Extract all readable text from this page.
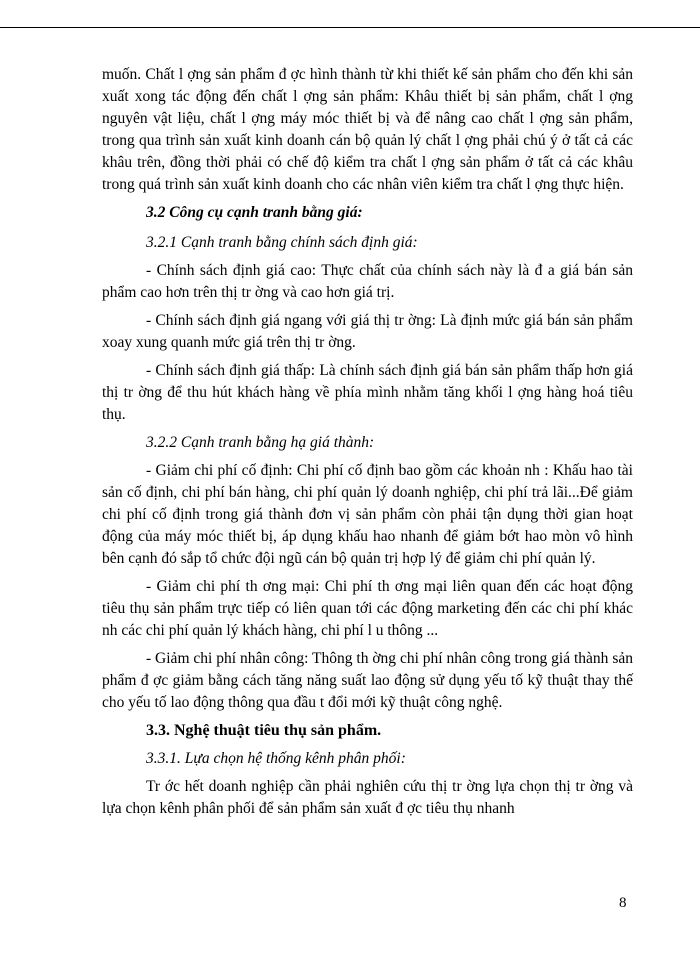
muốn. Chất l ợng sản phẩm đ ợc hình thành từ khi thiết kế sản phẩm cho đến khi sản xuất xong tác động đến chất l ợng sản phẩm: Khâu thiết bị sản phẩm, chất l ợng nguyên vật liệu, chất l ợng máy móc thiết bị và để nâng cao chất l ợng sản phẩm, trong qua trình sản xuất kinh doanh cán bộ quản lý chất l ợng phải chú ý ở tất cả các khâu trên, đồng thời phải có chế độ kiểm tra chất l ợng sản phẩm ở tất cả các khâu trong quá trình sản xuất kinh doanh cho các nhân viên kiểm tra chất l ợng thực hiện.

3.2 Công cụ cạnh tranh bằng giá:

3.2.1 Cạnh tranh bằng chính sách định giá:

- Chính sách định giá cao: Thực chất của chính sách này là đ a giá bán sản phẩm cao hơn trên thị tr ờng và cao hơn giá trị.

- Chính sách định giá ngang với giá thị tr ờng: Là định mức giá bán sản phẩm xoay xung quanh mức giá trên thị tr ờng.

- Chính sách định giá thấp: Là chính sách định giá bán sản phẩm thấp hơn giá thị tr ờng để thu hút khách hàng về phía mình nhằm tăng khối l ợng hàng hoá tiêu thụ.

3.2.2 Cạnh tranh bằng hạ giá thành:

- Giảm chi phí cố định: Chi phí cố định bao gồm các khoản nh : Khấu hao tài sản cố định, chi phí bán hàng, chi phí quản lý doanh nghiệp, chi phí trả lãi...Để giảm chi phí cố định trong giá thành đơn vị sản phẩm còn phải tận dụng thời gian hoạt động của máy móc thiết bị, áp dụng khấu hao nhanh để giảm bớt hao mòn vô hình bên cạnh đó sắp tổ chức đội ngũ cán bộ quản trị hợp lý để giảm chi phí quản lý.

- Giảm chi phí th ơng mại: Chi phí th ơng mại liên quan đến các hoạt động tiêu thụ sản phẩm trực tiếp có liên quan tới các động marketing đến các chi phí khác nh các chi phí quản lý khách hàng, chi phí l u thông ...

- Giảm chi phí nhân công: Thông th ờng chi phí nhân công trong giá thành sản phẩm đ ợc giảm bằng cách tăng năng suất lao động sử dụng yếu tố kỹ thuật thay thế cho yếu tố lao động thông qua đầu t đổi mới kỹ thuật công nghệ.

3.3. Nghệ thuật tiêu thụ sản phẩm.

3.3.1. Lựa chọn hệ thống kênh phân phối:

Tr ớc hết doanh nghiệp cần phải nghiên cứu thị tr ờng lựa chọn thị tr ờng và lựa chọn kênh phân phối để sản phẩm sản xuất đ ợc tiêu thụ nhanh

8
